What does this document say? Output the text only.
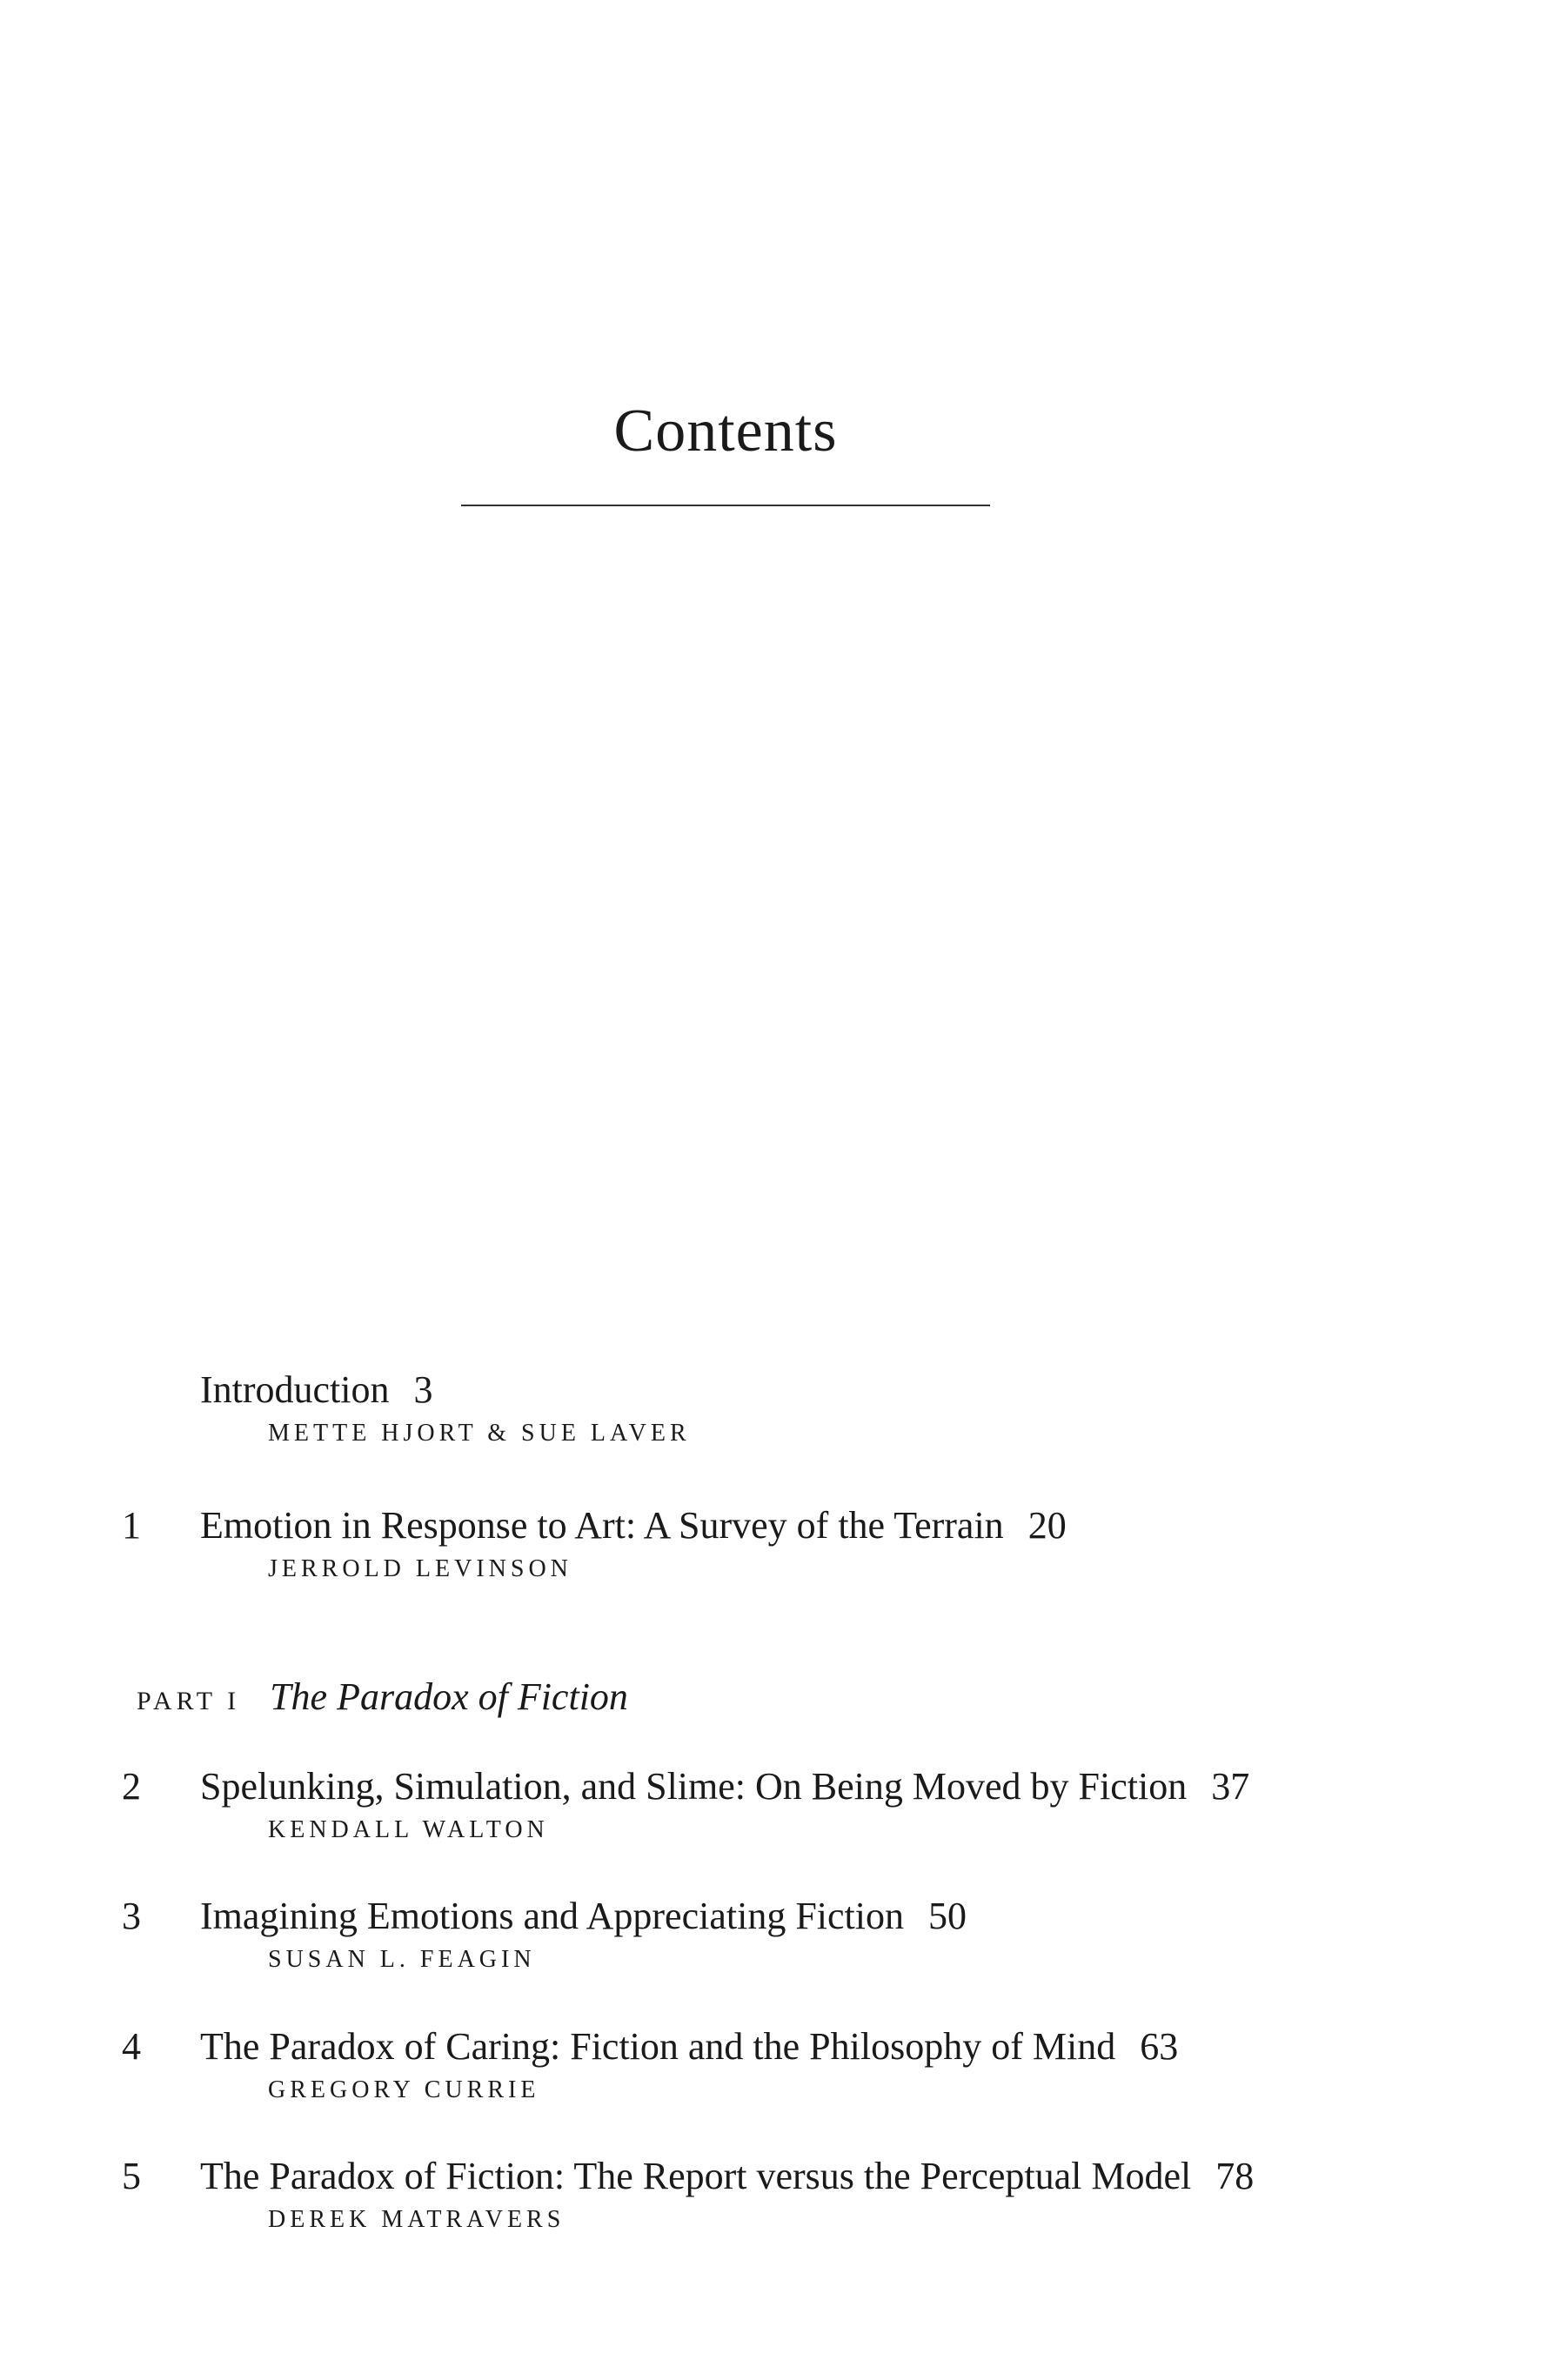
Contents
Introduction 3
METTE HJORT & SUE LAVER
1 Emotion in Response to Art: A Survey of the Terrain 20
JERROLD LEVINSON
PART I The Paradox of Fiction
2 Spelunking, Simulation, and Slime: On Being Moved by Fiction 37
KENDALL WALTON
3 Imagining Emotions and Appreciating Fiction 50
SUSAN L. FEAGIN
4 The Paradox of Caring: Fiction and the Philosophy of Mind 63
GREGORY CURRIE
5 The Paradox of Fiction: The Report versus the Perceptual Model 78
DEREK MATRAVERS
